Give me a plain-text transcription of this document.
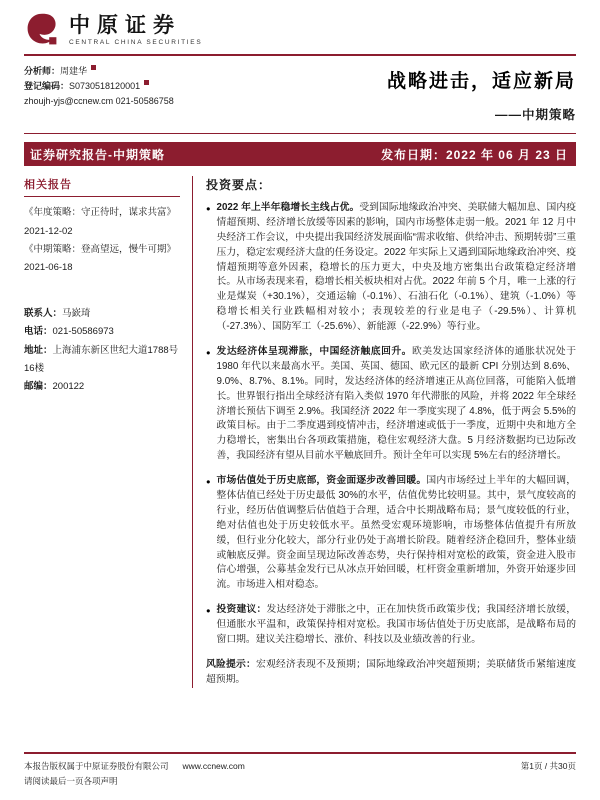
中原证券
CENTRAL CHINA SECURITIES
分析师：周建华
登记编码：S0730518120001
zhoujh-yjs@ccnew.cm 021-50586758
战略进击，适应新局
——中期策略
证券研究报告-中期策略	发布日期：2022 年 06 月 23 日
相关报告
《年度策略：守正待时，谋求共富》
2021-12-02
《中期策略：登高望远，慢牛可期》
2021-06-18
联系人：马嶔琦
电话：021-50586973
地址：上海浦东新区世纪大道1788号16楼
邮编：200122
投资要点：
● 2022 年上半年稳增长主线占优。受到国际地缘政治冲突、美联储大幅加息、国内疫情超预期、经济增长放缓等因素的影响，国内市场整体走弱一般。2021 年 12 月中央经济工作会议，中央提出我国经济发展面临“需求收缩、供给冲击、预期转弱”三重压力，稳定宏观经济大盘的任务设定。2022 年实际上又遇到国际地缘政治冲突、疫情超预期等意外因素，稳增长的压力更大，中央及地方密集出台政策稳定经济增长。从市场表现来看，稳增长相关板块相对占优。2022 年前 5 个月，唯一上涨的行业是煤炭（+30.1%），交通运输（-0.1%）、石油石化（-0.1%）、建筑（-1.0%）等稳增长相关行业跌幅相对较小；表现较差的行业是电子（-29.5%）、计算机（-27.3%）、国防军工（-25.6%）、新能源（-22.9%）等行业。
● 发达经济体呈现滞胀，中国经济触底回升。欧美发达国家经济体的通胀状况处于 1980 年代以来最高水平。美国、英国、德国、欧元区的最新 CPI 分别达到 8.6%、9.0%、8.7%、8.1%。同时，发达经济体的经济增速正从高位回落，可能陷入低增长。世界银行指出全球经济有陷入类似 1970 年代滞胀的风险，并将 2022 年全球经济增长预估下调至 2.9%。我国经济 2022 年一季度实现了 4.8%，低于两会 5.5%的政策目标。由于二季度遇到疫情冲击，经济增速或低于一季度，近期中央和地方全力稳增长，密集出台各项政策措施，稳住宏观经济大盘。5 月经济数据均已边际改善，我国经济有望从目前水平触底回升。预计全年可以实现 5%左右的经济增长。
● 市场估值处于历史底部，资金面逐步改善回暖。国内市场经过上半年的大幅回调，整体估值已经处于历史最低 30%的水平，估值优势比较明显。其中，景气度较高的行业，经历估值调整后估值趋于合理，适合中长期战略布局；景气度较低的行业，绝对估值也处于历史较低水平。虽然受宏观环境影响，市场整体估值提升有所放缓，但行业分化较大，部分行业仍处于高增长阶段。随着经济企稳回升，整体业绩或触底反弹。资金面呈现边际改善态势，央行保持相对宽松的政策，资金进入股市信心增强，公募基金发行已从冰点开始回暖，杠杆资金重新增加，外资开始逐步回流。市场进入相对稳态。
● 投资建议：发达经济处于滞胀之中，正在加快货币政策步伐；我国经济增长放缓，但通胀水平温和，政策保持相对宽松。我国市场估值处于历史底部，是战略布局的窗口期。建议关注稳增长、涨价、科技以及业绩改善的行业。
风险提示：宏观经济表现不及预期；国际地缘政治冲突超预期；美联储货币紧缩速度超预期。
本报告版权属于中原证券股份有限公司 www.ccnew.com
请阅读最后一页各项声明
第1页 / 共30页
